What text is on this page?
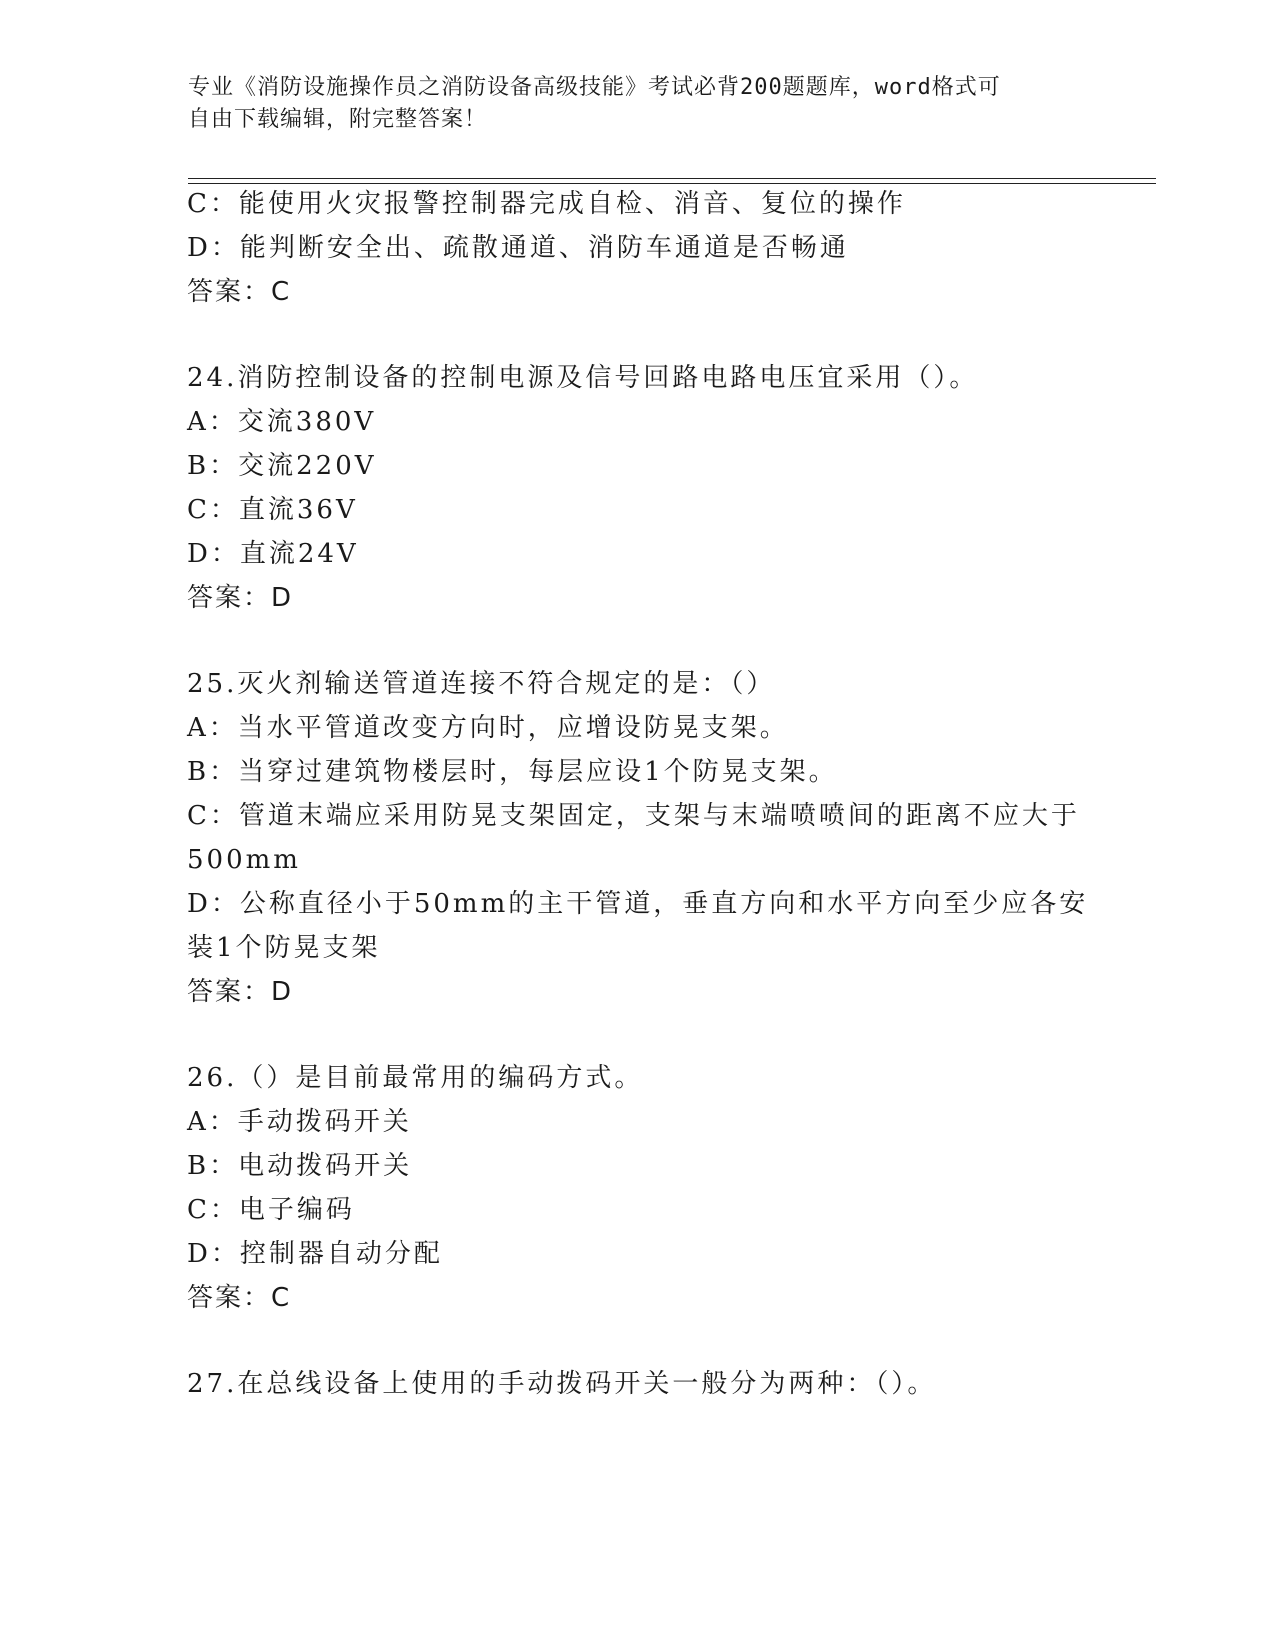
专业《消防设施操作员之消防设备高级技能》考试必背200题题库，word格式可
自由下载编辑，附完整答案！
C：能使用火灾报警控制器完成自检、消音、复位的操作
D：能判断安全出、疏散通道、消防车通道是否畅通
答案：C
24.消防控制设备的控制电源及信号回路电路电压宜采用（）。
A：交流380V
B：交流220V
C：直流36V
D：直流24V
答案：D
25.灭火剂输送管道连接不符合规定的是：（）
A：当水平管道改变方向时，应增设防晃支架。
B：当穿过建筑物楼层时，每层应设1个防晃支架。
C：管道末端应采用防晃支架固定，支架与末端喷喷间的距离不应大于
500mm
D：公称直径小于50mm的主干管道，垂直方向和水平方向至少应各安
装1个防晃支架
答案：D
26.（）是目前最常用的编码方式。
A：手动拨码开关
B：电动拨码开关
C：电子编码
D：控制器自动分配
答案：C
27.在总线设备上使用的手动拨码开关一般分为两种：（）。
